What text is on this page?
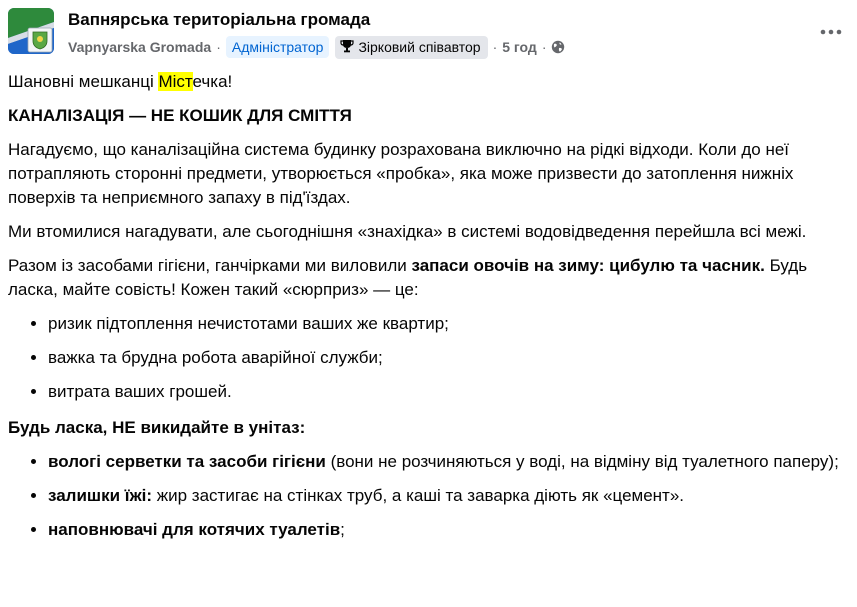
Вапнярська територіальна громада
Vapnyarska Gromada · Адміністратор	Зірковий співавтор · 5 год ·

Шановні мешканці Містечка!

КАНАЛІЗАЦІЯ — НЕ КОШИК ДЛЯ СМІТТЯ

Нагадуємо, що каналізаційна система будинку розрахована виключно на рідкі відходи. Коли до неї потрапляють сторонні предмети, утворюється «пробка», яка може призвести до затоплення нижніх поверхів та неприємного запаху в під'їздах.

Ми втомилися нагадувати, але сьогоднішня «знахідка» в системі водовідведення перейшла всі межі.

Разом із засобами гігієни, ганчірками ми виловили запаси овочів на зиму: цибулю та часник. Будь ласка, майте совість! Кожен такий «сюрприз» — це:

• ризик підтоплення нечистотами ваших же квартир;
• важка та брудна робота аварійної служби;
• витрата ваших грошей.

Будь ласка, НЕ викидайте в унітаз:

• вологі серветки та засоби гігієни (вони не розчиняються у воді, на відміну від туалетного паперу);
• залишки їжі: жир застигає на стінках труб, а каші та заварка діють як «цемент».
• наповнювачі для котячих туалетів;
